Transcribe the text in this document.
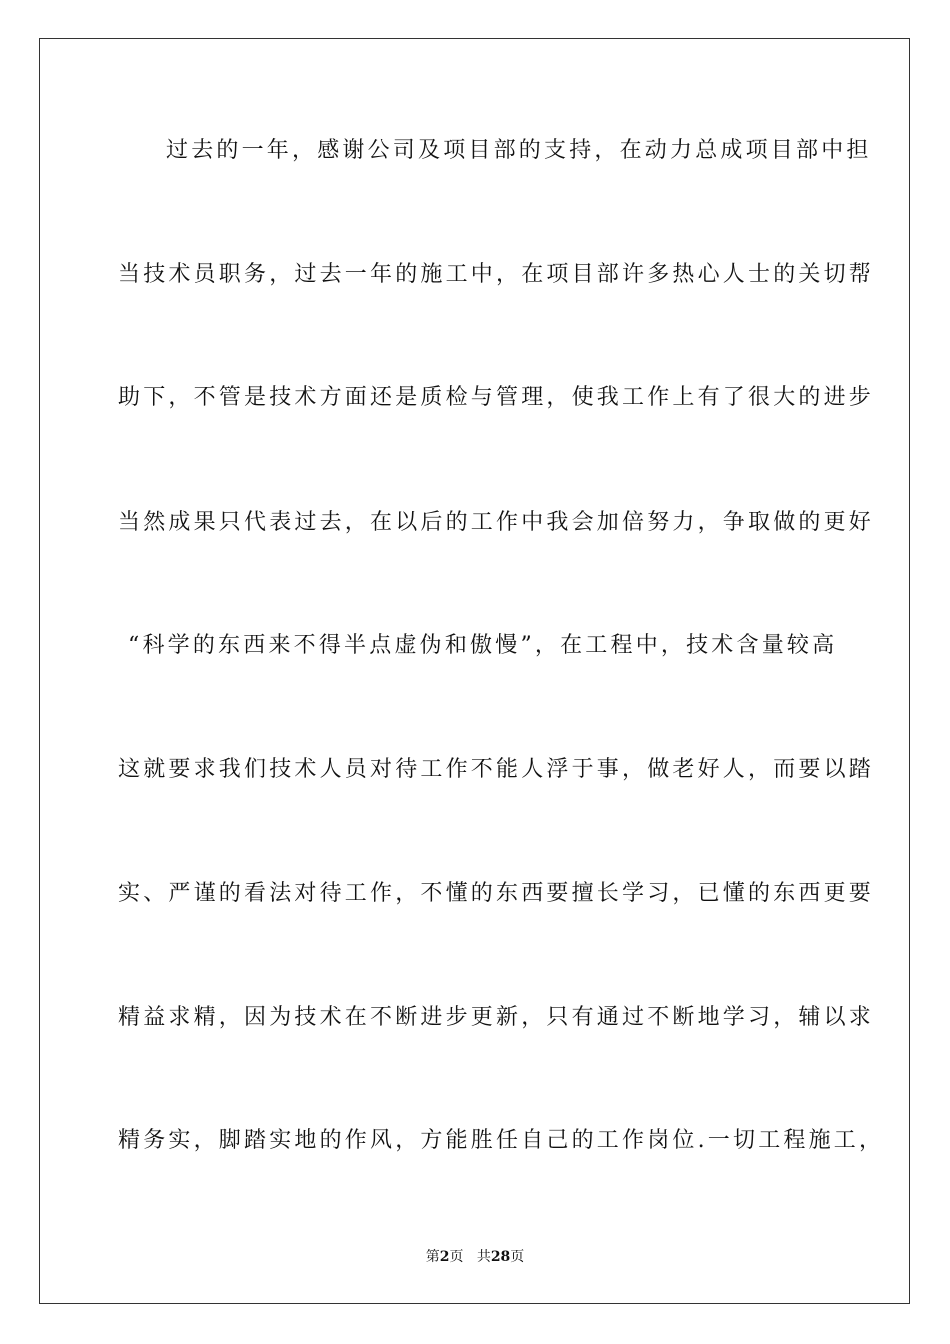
过去的一年，感谢公司及项目部的支持，在动力总成项目部中担
当技术员职务，过去一年的施工中，在项目部许多热心人士的关切帮
助下，不管是技术方面还是质检与管理，使我工作上有了很大的进步
当然成果只代表过去，在以后的工作中我会加倍努力，争取做的更好
“科学的东西来不得半点虚伪和傲慢”，在工程中，技术含量较高
这就要求我们技术人员对待工作不能人浮于事，做老好人，而要以踏
实、严谨的看法对待工作，不懂的东西要擅长学习，已懂的东西更要
精益求精，因为技术在不断进步更新，只有通过不断地学习，辅以求
精务实，脚踏实地的作风，方能胜任自己的工作岗位.一切工程施工，
第2页 共28页
